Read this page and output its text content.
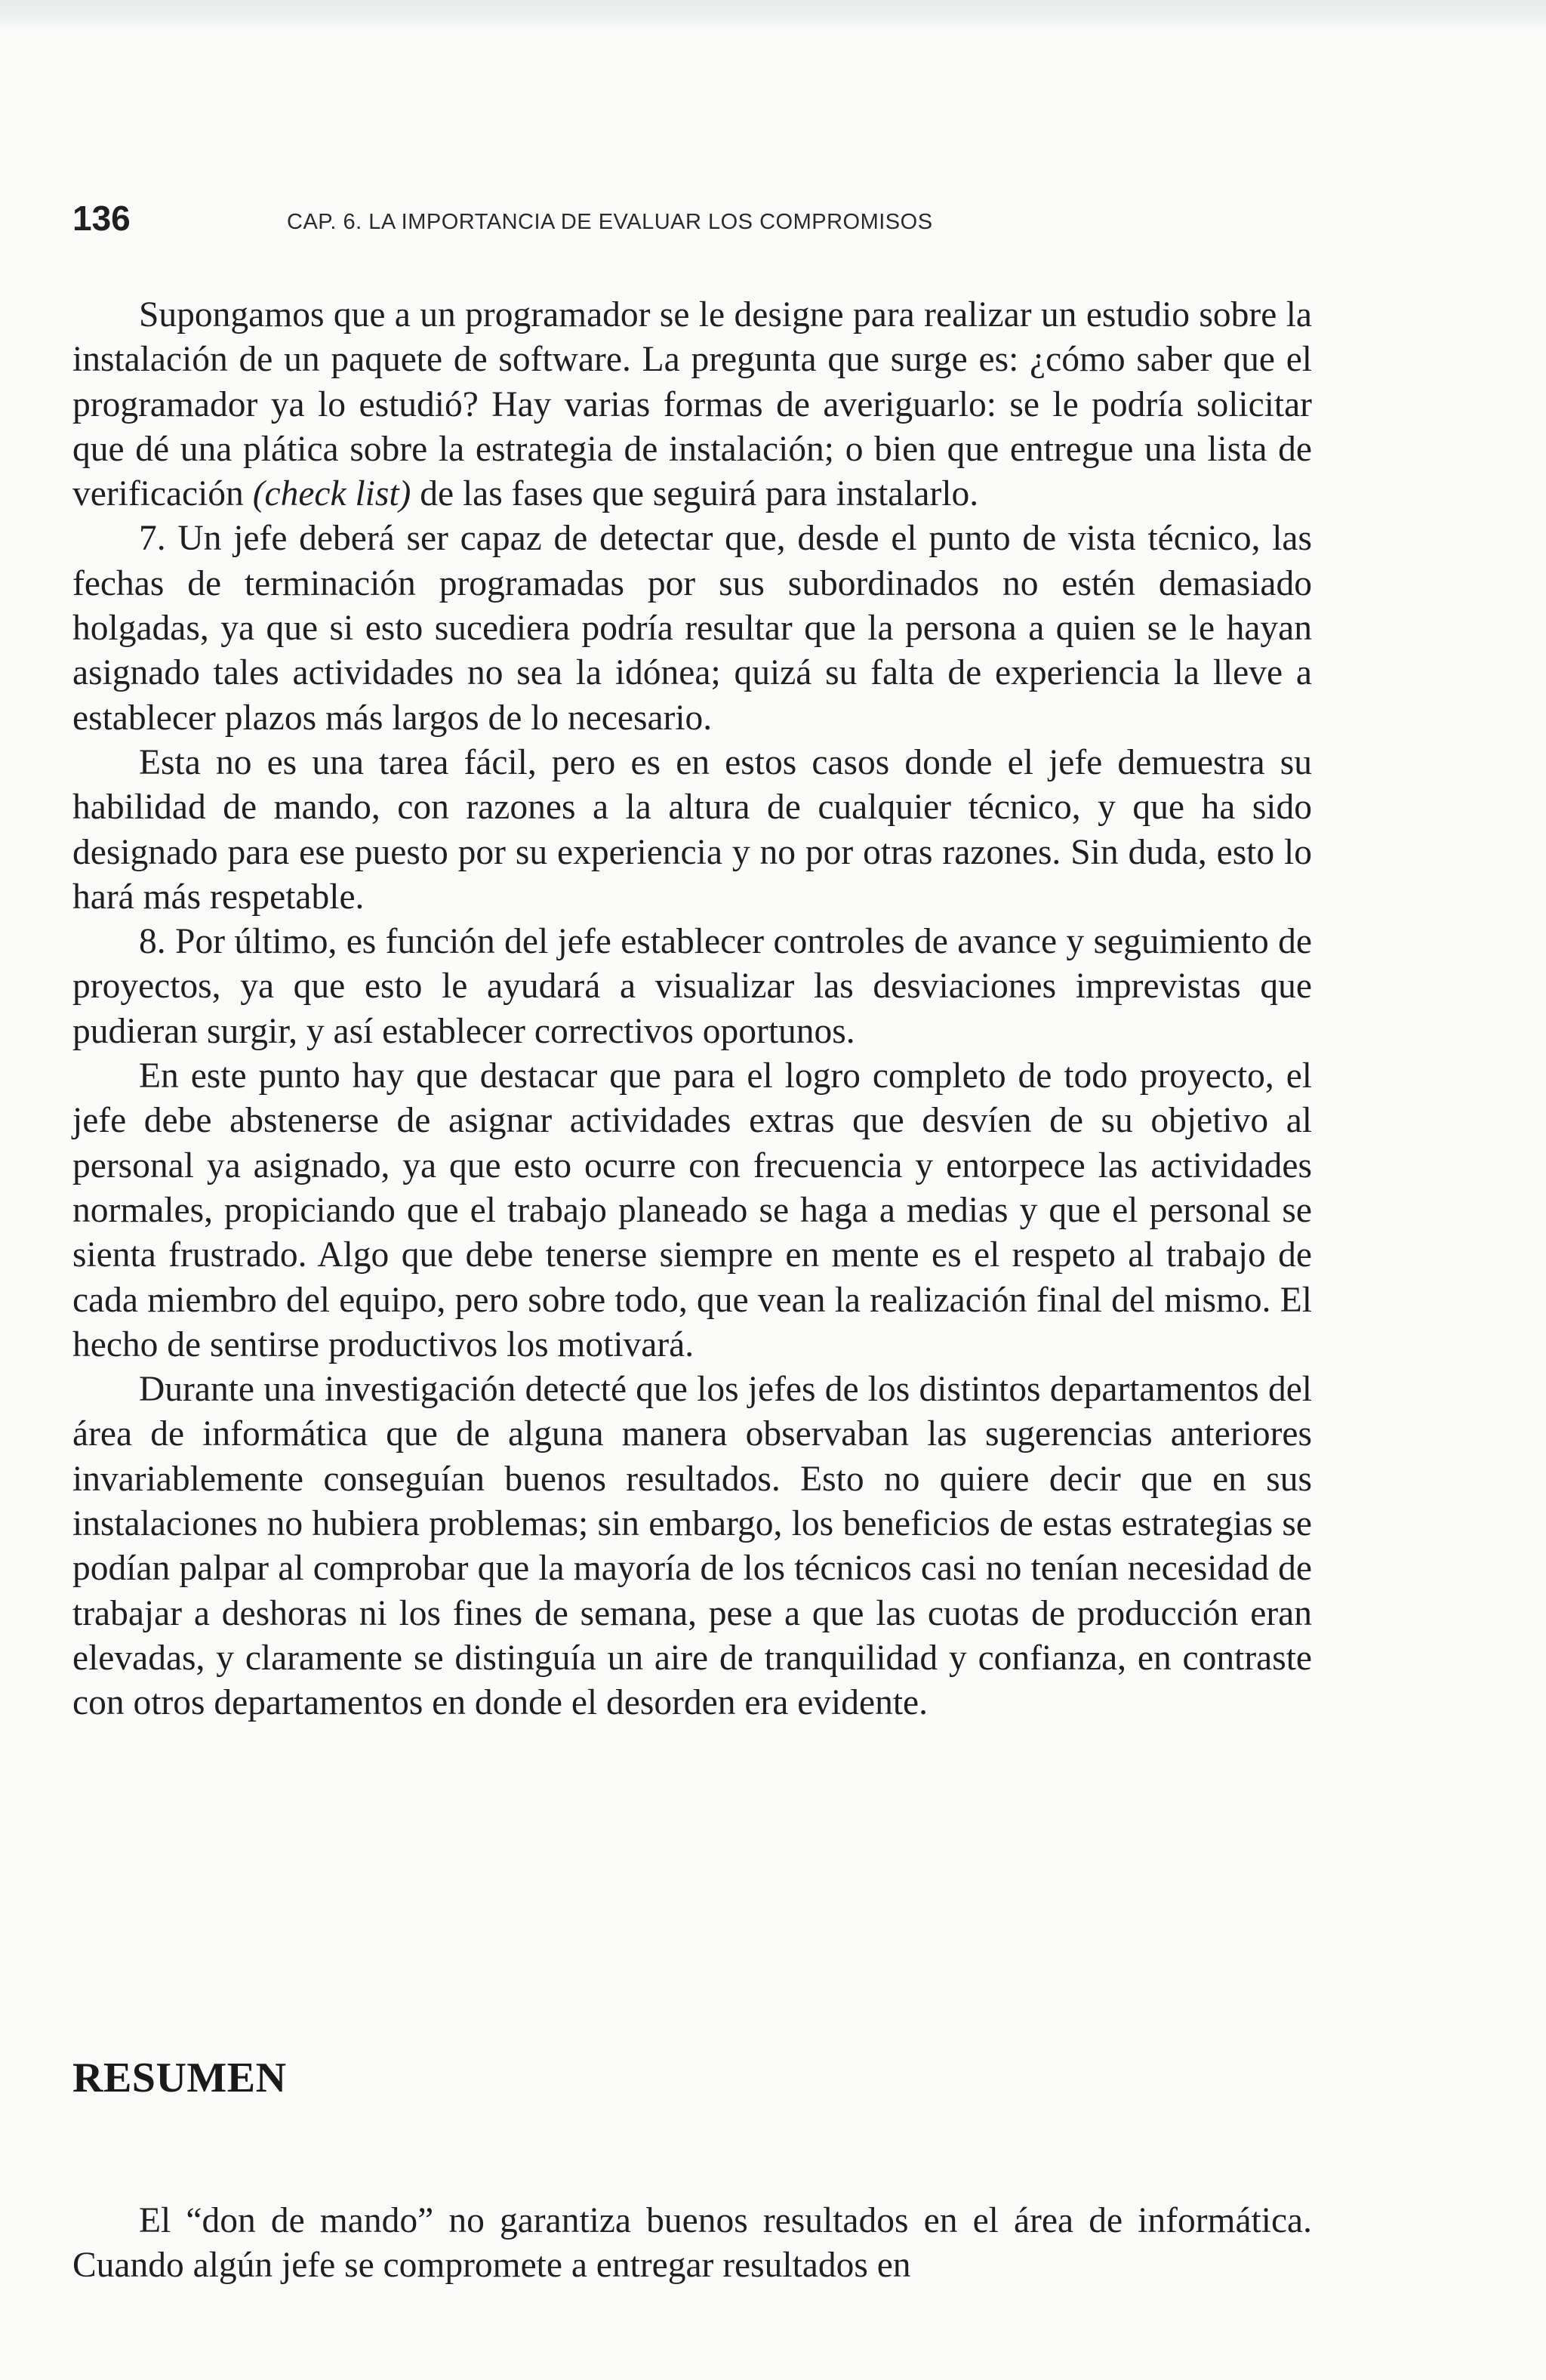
136	CAP. 6. LA IMPORTANCIA DE EVALUAR LOS COMPROMISOS

Supongamos que a un programador se le designe para realizar un estudio sobre la instalación de un paquete de software. La pregunta que surge es: ¿cómo saber que el programador ya lo estudió? Hay varias formas de averiguarlo: se le podría solicitar que dé una plática sobre la estrategia de instalación; o bien que entregue una lista de verificación (check list) de las fases que seguirá para instalarlo.

7. Un jefe deberá ser capaz de detectar que, desde el punto de vista técnico, las fechas de terminación programadas por sus subordinados no estén demasiado holgadas, ya que si esto sucediera podría resultar que la persona a quien se le hayan asignado tales actividades no sea la idónea; quizá su falta de experiencia la lleve a establecer plazos más largos de lo necesario.

Esta no es una tarea fácil, pero es en estos casos donde el jefe demuestra su habilidad de mando, con razones a la altura de cualquier técnico, y que ha sido designado para ese puesto por su experiencia y no por otras razones. Sin duda, esto lo hará más respetable.

8. Por último, es función del jefe establecer controles de avance y seguimiento de proyectos, ya que esto le ayudará a visualizar las desviaciones imprevistas que pudieran surgir, y así establecer correctivos oportunos.

En este punto hay que destacar que para el logro completo de todo proyecto, el jefe debe abstenerse de asignar actividades extras que desvíen de su objetivo al personal ya asignado, ya que esto ocurre con frecuencia y entorpece las actividades normales, propiciando que el trabajo planeado se haga a medias y que el personal se sienta frustrado. Algo que debe tenerse siempre en mente es el respeto al trabajo de cada miembro del equipo, pero sobre todo, que vean la realización final del mismo. El hecho de sentirse productivos los motivará.

Durante una investigación detecté que los jefes de los distintos departamentos del área de informática que de alguna manera observaban las sugerencias anteriores invariablemente conseguían buenos resultados. Esto no quiere decir que en sus instalaciones no hubiera problemas; sin embargo, los beneficios de estas estrategias se podían palpar al comprobar que la mayoría de los técnicos casi no tenían necesidad de trabajar a deshoras ni los fines de semana, pese a que las cuotas de producción eran elevadas, y claramente se distinguía un aire de tranquilidad y confianza, en contraste con otros departamentos en donde el desorden era evidente.

RESUMEN

El “don de mando” no garantiza buenos resultados en el área de informática. Cuando algún jefe se compromete a entregar resultados en
